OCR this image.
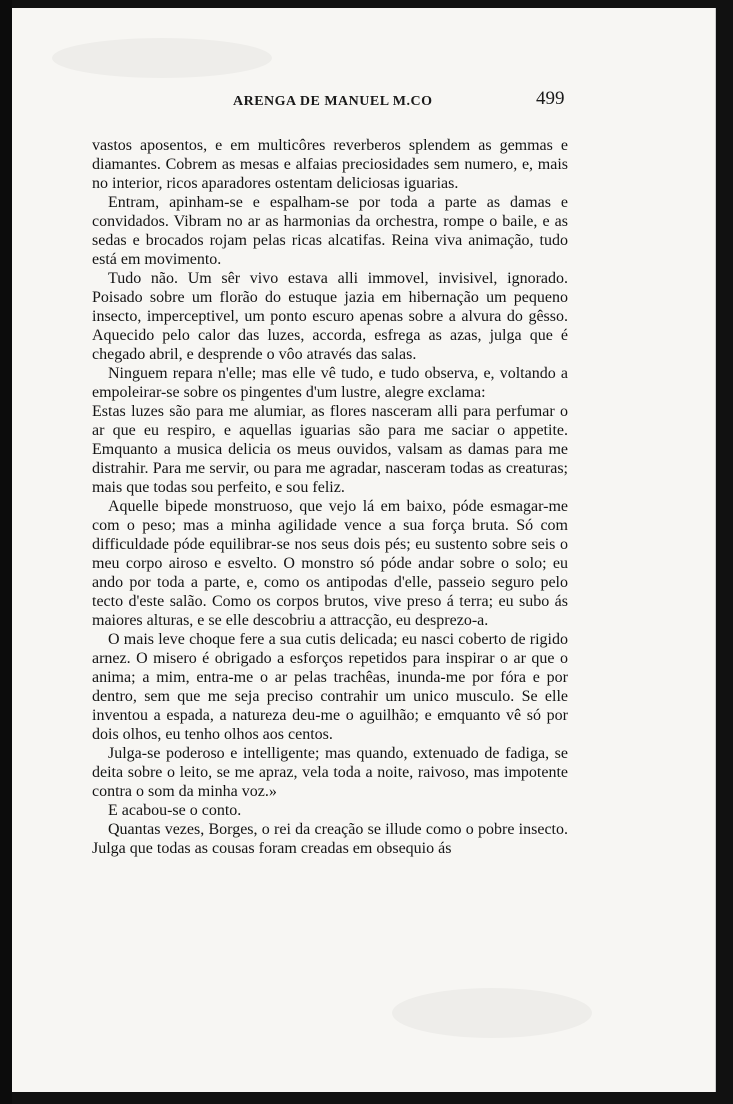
ARENGA DE MANUEL M.CO	499

vastos aposentos, e em multicôres reverberos splendem as gemmas e diamantes. Cobrem as mesas e alfaias preciosidades sem numero, e, mais no interior, ricos aparadores ostentam deliciosas iguarias.

Entram, apinham-se e espalham-se por toda a parte as damas e convidados. Vibram no ar as harmonias da orchestra, rompe o baile, e as sedas e brocados rojam pelas ricas alcatifas. Reina viva animação, tudo está em movimento.

Tudo não. Um sêr vivo estava alli immovel, invisivel, ignorado. Poisado sobre um florão do estuque jazia em hibernação um pequeno insecto, imperceptivel, um ponto escuro apenas sobre a alvura do gêsso. Aquecido pelo calor das luzes, accorda, esfrega as azas, julga que é chegado abril, e desprende o vôo através das salas.

Ninguem repara n'elle; mas elle vê tudo, e tudo observa, e, voltando a empoleirar-se sobre os pingentes d'um lustre, alegre exclama:

Estas luzes são para me alumiar, as flores nasceram alli para perfumar o ar que eu respiro, e aquellas iguarias são para me saciar o appetite. Emquanto a musica delicia os meus ouvidos, valsam as damas para me distrahir. Para me servir, ou para me agradar, nasceram todas as creaturas; mais que todas sou perfeito, e sou feliz.

Aquelle bipede monstruoso, que vejo lá em baixo, póde esmagar-me com o peso; mas a minha agilidade vence a sua força bruta. Só com difficuldade póde equilibrar-se nos seus dois pés; eu sustento sobre seis o meu corpo airoso e esvelto. O monstro só póde andar sobre o solo; eu ando por toda a parte, e, como os antipodas d'elle, passeio seguro pelo tecto d'este salão. Como os corpos brutos, vive preso á terra; eu subo ás maiores alturas, e se elle descobriu a attracção, eu desprezo-a.

O mais leve choque fere a sua cutis delicada; eu nasci coberto de rigido arnez. O misero é obrigado a esforços repetidos para inspirar o ar que o anima; a mim, entra-me o ar pelas trachêas, inunda-me por fóra e por dentro, sem que me seja preciso contrahir um unico musculo. Se elle inventou a espada, a natureza deu-me o aguilhão; e emquanto vê só por dois olhos, eu tenho olhos aos centos.

Julga-se poderoso e intelligente; mas quando, extenuado de fadiga, se deita sobre o leito, se me apraz, vela toda a noite, raivoso, mas impotente contra o som da minha voz.»

E acabou-se o conto.

Quantas vezes, Borges, o rei da creação se illude como o pobre insecto. Julga que todas as cousas foram creadas em obsequio ás
